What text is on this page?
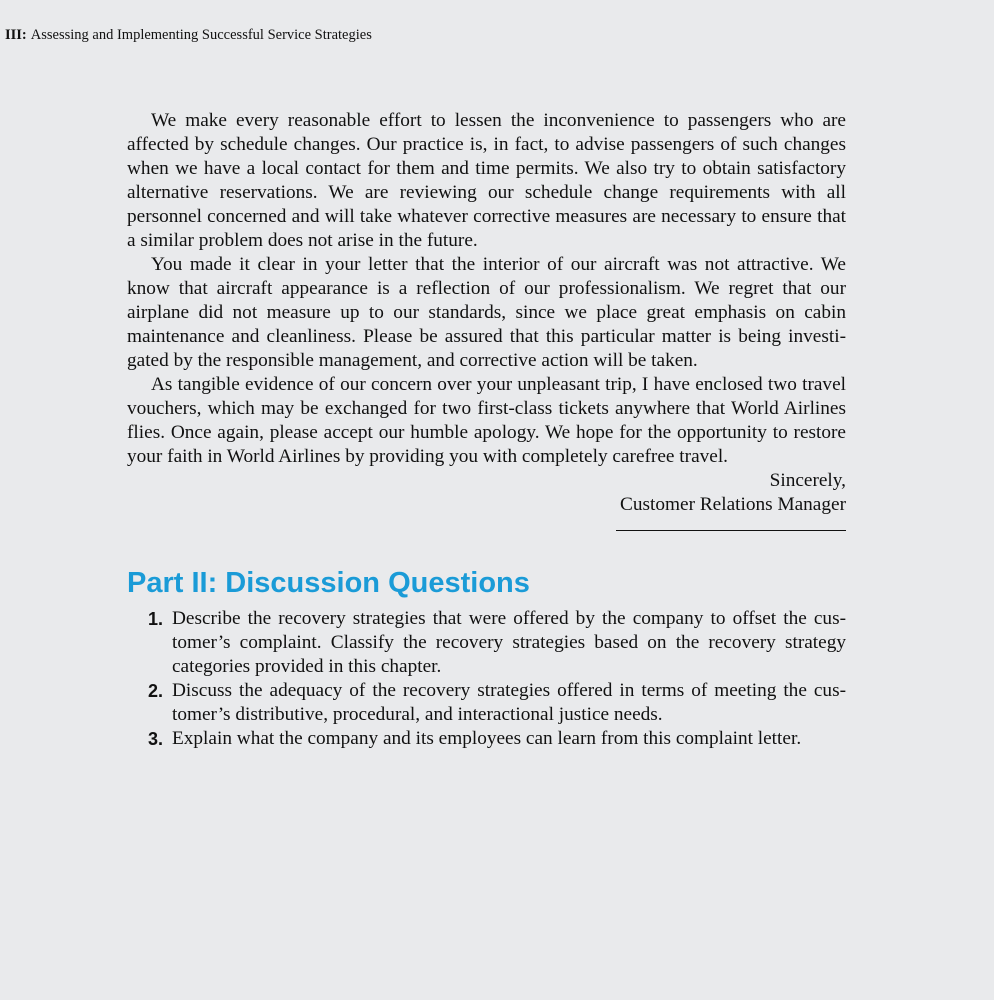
III: Assessing and Implementing Successful Service Strategies

We make every reasonable effort to lessen the inconvenience to passengers who are affected by schedule changes. Our practice is, in fact, to advise passengers of such changes when we have a local contact for them and time permits. We also try to obtain satisfactory alternative reservations. We are reviewing our schedule change requirements with all personnel concerned and will take whatever corrective measures are necessary to ensure that a similar problem does not arise in the future.

You made it clear in your letter that the interior of our aircraft was not attractive. We know that aircraft appearance is a reflection of our professionalism. We regret that our airplane did not measure up to our standards, since we place great emphasis on cabin maintenance and cleanliness. Please be assured that this particular matter is being investigated by the responsible management, and corrective action will be taken.

As tangible evidence of our concern over your unpleasant trip, I have enclosed two travel vouchers, which may be exchanged for two first-class tickets anywhere that World Airlines flies. Once again, please accept our humble apology. We hope for the opportunity to restore your faith in World Airlines by providing you with completely carefree travel.

Sincerely,
Customer Relations Manager
Part II: Discussion Questions
1. Describe the recovery strategies that were offered by the company to offset the customer’s complaint. Classify the recovery strategies based on the recovery strategy categories provided in this chapter.
2. Discuss the adequacy of the recovery strategies offered in terms of meeting the customer’s distributive, procedural, and interactional justice needs.
3. Explain what the company and its employees can learn from this complaint letter.
